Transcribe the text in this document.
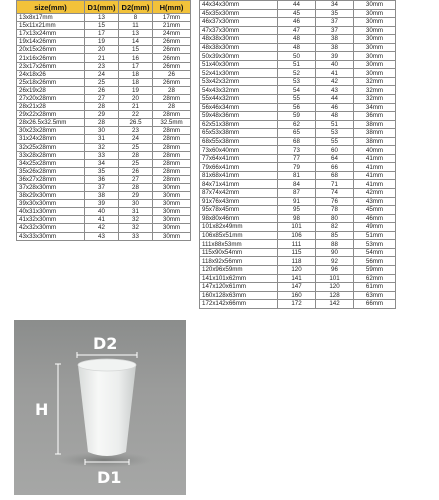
size(mm)	D1(mm)	D2(mm)	H(mm)
13x8x17mm	13	8	17mm
15x11x21mm	15	11	21mm
17x13x24mm	17	13	24mm
19x14x26mm	19	14	26mm
20x15x26mm	20	15	26mm
21x16x26mm	21	16	26mm
23x17x26mm	23	17	26mm
24x18x26	24	18	26
25x18x26mm	25	18	26mm
26x19x28	26	19	28
27x20x28mm	27	20	28mm
28x21x28	28	21	28
29x22x28mm	29	22	28mm
28x26.5x32.5mm	28	26.5	32.5mm
30x23x28mm	30	23	28mm
31x24x28mm	31	24	28mm
32x25x28mm	32	25	28mm
33x28x28mm	33	28	28mm
34x25x28mm	34	25	28mm
35x26x28mm	35	26	28mm
36x27x28mm	36	27	28mm
37x28x30mm	37	28	30mm
38x29x30mm	38	29	30mm
39x30x30mm	39	30	30mm
40x31x30mm	40	31	30mm
41x32x30mm	41	32	30mm
42x32x30mm	42	32	30mm
43x33x30mm	43	33	30mm
44x34x30mm	44	34	30mm
45x35x30mm	45	35	30mm
46x37x30mm	46	37	30mm
47x37x30mm	47	37	30mm
48x38x30mm	48	38	30mm
48x38x30mm	48	38	30mm
50x39x30mm	50	39	30mm
51x40x30mm	51	40	30mm
52x41x30mm	52	41	30mm
53x42x32mm	53	42	32mm
54x43x32mm	54	43	32mm
55x44x32mm	55	44	32mm
56x46x34mm	56	46	34mm
59x48x36mm	59	48	36mm
62x51x38mm	62	51	38mm
65x53x38mm	65	53	38mm
68x55x38mm	68	55	38mm
73x60x40mm	73	60	40mm
77x64x41mm	77	64	41mm
79x66x41mm	79	66	41mm
81x68x41mm	81	68	41mm
84x71x41mm	84	71	41mm
87x74x42mm	87	74	42mm
91x76x43mm	91	76	43mm
95x78x45mm	95	78	45mm
98x80x46mm	98	80	46mm
101x82x49mm	101	82	49mm
106x85x51mm	106	85	51mm
111x88x53mm	111	88	53mm
115x90x54mm	115	90	54mm
118x92x56mm	118	92	56mm
120x96x59mm	120	96	59mm
141x101x62mm	141	101	62mm
147x120x61mm	147	120	61mm
160x128x63mm	160	128	63mm
172x142x66mm	172	142	66mm
D2
H
D1
